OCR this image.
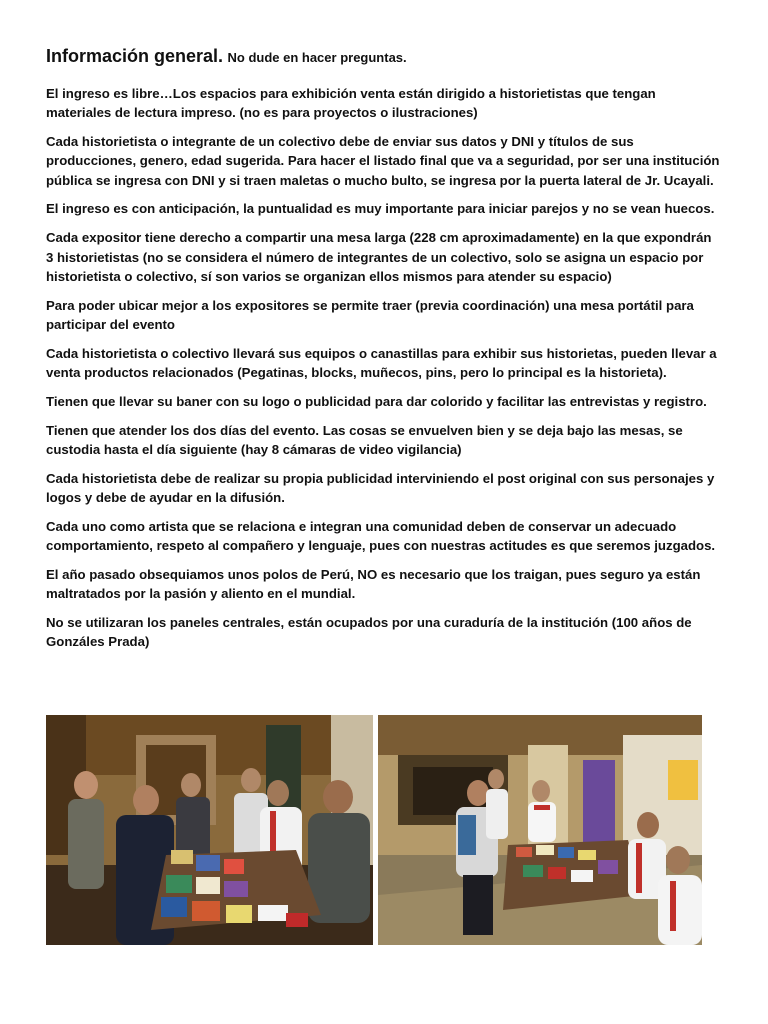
Información general. No dude en hacer preguntas.

El ingreso es libre…Los espacios para exhibición venta están dirigido a historietistas que tengan materiales de lectura impreso. (no es para proyectos o ilustraciones)

Cada historietista o integrante de un colectivo debe de enviar sus datos y DNI y títulos de sus producciones, genero, edad sugerida. Para hacer el listado final que va a seguridad, por ser una institución pública se ingresa con DNI y si traen maletas o mucho bulto, se ingresa por la puerta lateral de Jr. Ucayali.

El ingreso es con anticipación, la puntualidad es muy importante para iniciar parejos y no se vean huecos.

Cada expositor tiene derecho a compartir una mesa larga (228 cm aproximadamente) en la que expondrán 3 historietistas (no se considera el número de integrantes de un colectivo, solo se asigna un espacio por historietista o colectivo, sí son varios se organizan ellos mismos para atender su espacio)

Para poder ubicar mejor a los expositores se permite traer (previa coordinación) una mesa portátil para participar del evento

Cada historietista o colectivo llevará sus equipos o canastillas para exhibir sus historietas, pueden llevar a venta productos relacionados (Pegatinas, blocks, muñecos, pins, pero lo principal es la historieta).

Tienen que llevar su baner con su logo o publicidad para dar colorido y facilitar las entrevistas y registro.

Tienen que atender los dos días del evento. Las cosas se envuelven bien y se deja bajo las mesas, se custodia hasta el día siguiente (hay 8 cámaras de video vigilancia)

Cada historietista debe de realizar su propia publicidad interviniendo el post original con sus personajes y logos y debe de ayudar en la difusión.

Cada uno como artista que se relaciona e integran una comunidad deben de conservar un adecuado comportamiento, respeto al compañero y lenguaje, pues con nuestras actitudes es que seremos juzgados.

El año pasado obsequiamos unos polos de Perú, NO es necesario que los traigan, pues seguro ya están maltratados por la pasión y aliento en el mundial.

No se utilizaran los paneles centrales, están ocupados por una curaduría de la institución (100 años de Gonzáles Prada)
